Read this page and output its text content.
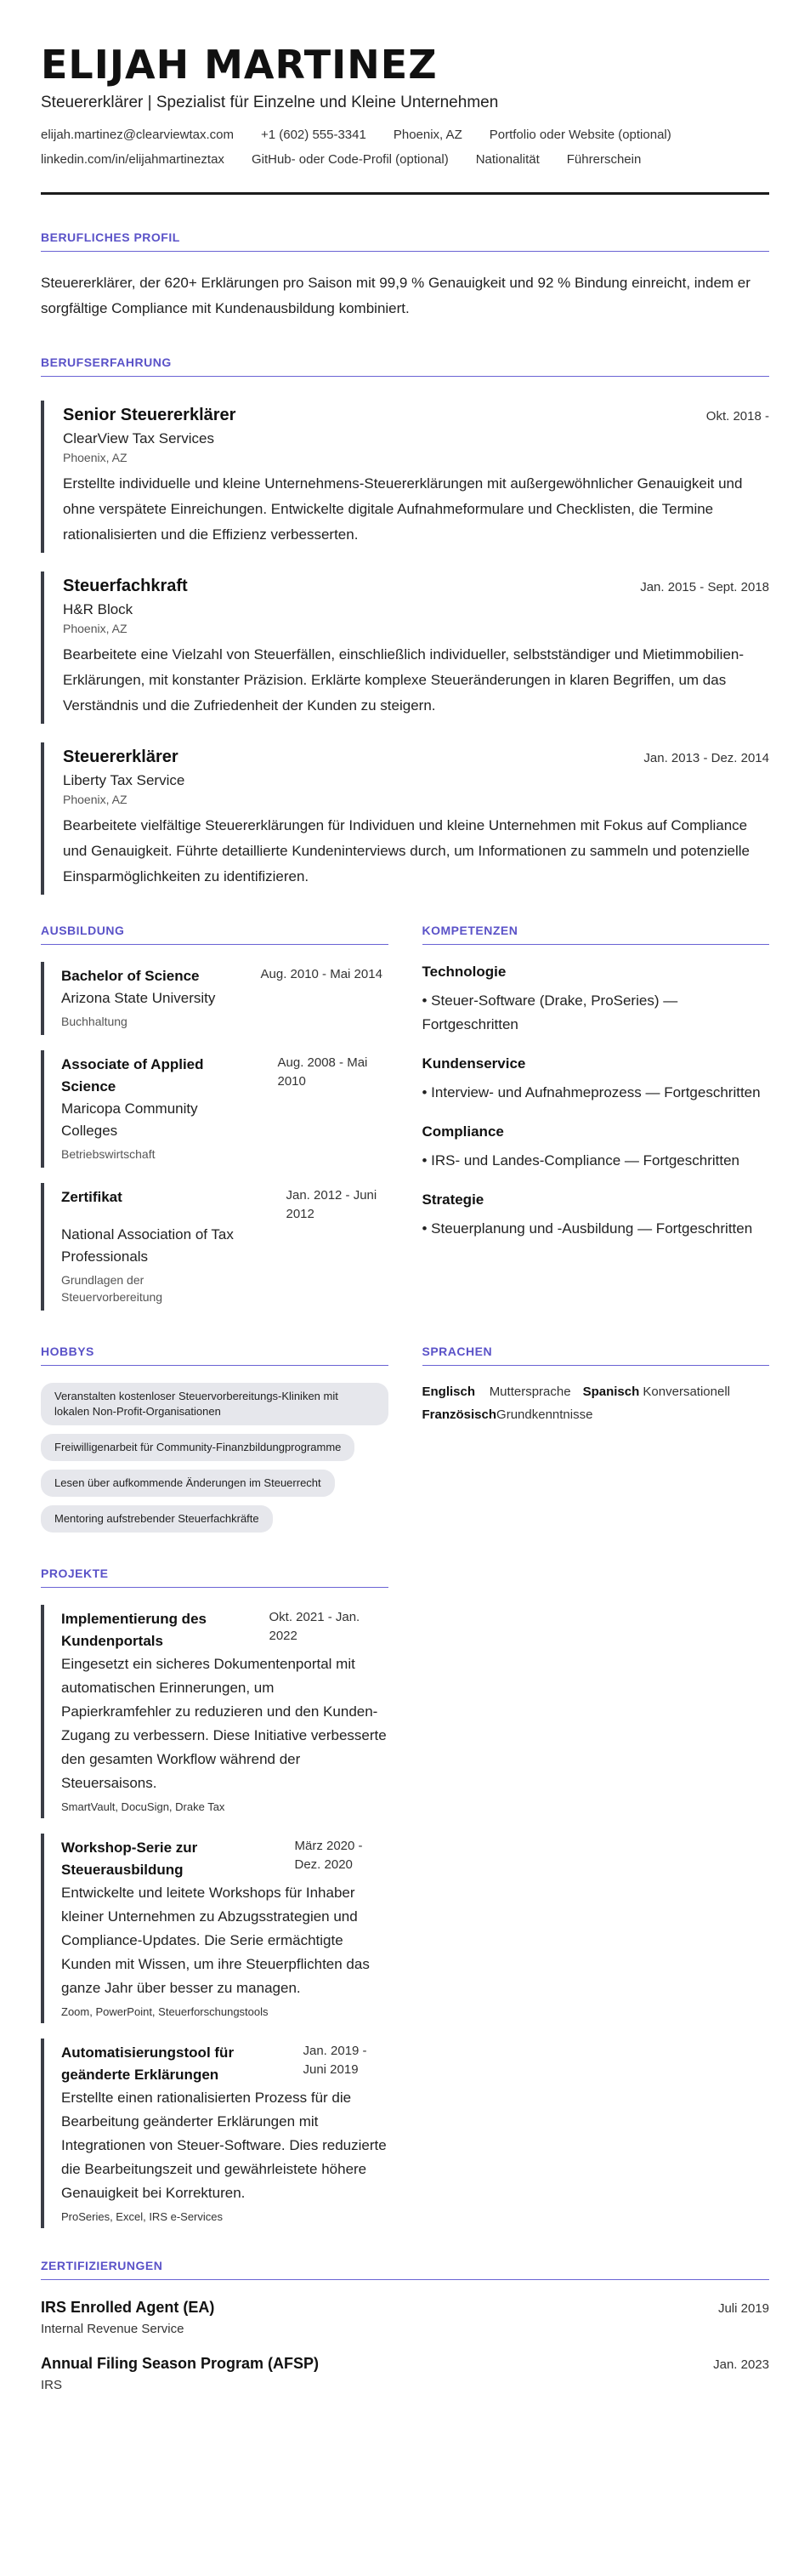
ELIJAH MARTINEZ
Steuererklärer | Spezialist für Einzelne und Kleine Unternehmen
elijah.martinez@clearviewtax.com +1 (602) 555-3341 Phoenix, AZ Portfolio oder Website (optional)
linkedin.com/in/elijahmartineztax GitHub- oder Code-Profil (optional) Nationalität Führerschein
BERUFLICHES PROFIL

Steuererklärer, der 620+ Erklärungen pro Saison mit 99,9 % Genauigkeit und 92 % Bindung einreicht, indem er sorgfältige Compliance mit Kundenausbildung kombiniert.

BERUFSERFAHRUNG
Senior Steuererklärer	Okt. 2018 -
ClearView Tax Services
Phoenix, AZ

Erstellte individuelle und kleine Unternehmens-Steuererklärungen mit außergewöhnlicher Genauigkeit und ohne verspätete Einreichungen. Entwickelte digitale Aufnahmeformulare und Checklisten, die Termine rationalisierten und die Effizienz verbesserten.

Steuerfachkraft	Jan. 2015 - Sept. 2018
H&R Block
Phoenix, AZ

Bearbeitete eine Vielzahl von Steuerfällen, einschließlich individueller, selbstständiger und Mietimmobilien-Erklärungen, mit konstanter Präzision. Erklärte komplexe Steueränderungen in klaren Begriffen, um das Verständnis und die Zufriedenheit der Kunden zu steigern.

Steuererklärer	Jan. 2013 - Dez. 2014
Liberty Tax Service
Phoenix, AZ

Bearbeitete vielfältige Steuererklärungen für Individuen und kleine Unternehmen mit Fokus auf Compliance und Genauigkeit. Führte detaillierte Kundeninterviews durch, um Informationen zu sammeln und potenzielle Einsparmöglichkeiten zu identifizieren.

AUSBILDUNG
Bachelor of Science	Aug. 2010 - Mai 2014
Arizona State University
Buchhaltung
Associate of Applied Science
Aug. 2008 - Mai 2010
Maricopa Community Colleges
Betriebswirtschaft
Zertifikat	Jan. 2012 - Juni 2012
National Association of Tax Professionals
Grundlagen der Steuervorbereitung
KOMPETENZEN
Technologie
• Steuer-Software (Drake, ProSeries) — Fortgeschritten
Kundenservice
• Interview- und Aufnahmeprozess — Fortgeschritten
Compliance
• IRS- und Landes-Compliance — Fortgeschritten
Strategie
• Steuerplanung und -Ausbildung — Fortgeschritten
HOBBYS
Veranstalten kostenloser Steuervorbereitungs-Kliniken mit lokalen Non-Profit-Organisationen
Freiwilligenarbeit für Community-Finanzbildungprogramme
Lesen über aufkommende Änderungen im Steuerrecht
Mentoring aufstrebender Steuerfachkräfte
SPRACHEN
Englisch Muttersprache Spanisch Konversationell
FranzösischGrundkenntnisse
PROJEKTE
Implementierung des Kundenportals
Okt. 2021 - Jan. 2022

Eingesetzt ein sicheres Dokumentenportal mit automatischen Erinnerungen, um Papierkramfehler zu reduzieren und den Kunden-Zugang zu verbessern. Diese Initiative verbesserte den gesamten Workflow während der Steuersaisons.

SmartVault, DocuSign, Drake Tax
Workshop-Serie zur Steuerausbildung
März 2020 - Dez. 2020

Entwickelte und leitete Workshops für Inhaber kleiner Unternehmen zu Abzugsstrategien und Compliance-Updates. Die Serie ermächtigte Kunden mit Wissen, um ihre Steuerpflichten das ganze Jahr über besser zu managen.

Zoom, PowerPoint, Steuerforschungstools
Automatisierungstool für geänderte Erklärungen
Jan. 2019 - Juni 2019

Erstellte einen rationalisierten Prozess für die Bearbeitung geänderter Erklärungen mit Integrationen von Steuer-Software. Dies reduzierte die Bearbeitungszeit und gewährleistete höhere Genauigkeit bei Korrekturen.

ProSeries, Excel, IRS e-Services
ZERTIFIZIERUNGEN
IRS Enrolled Agent (EA)	Juli 2019
Internal Revenue Service
Annual Filing Season Program (AFSP)	Jan. 2023
IRS
